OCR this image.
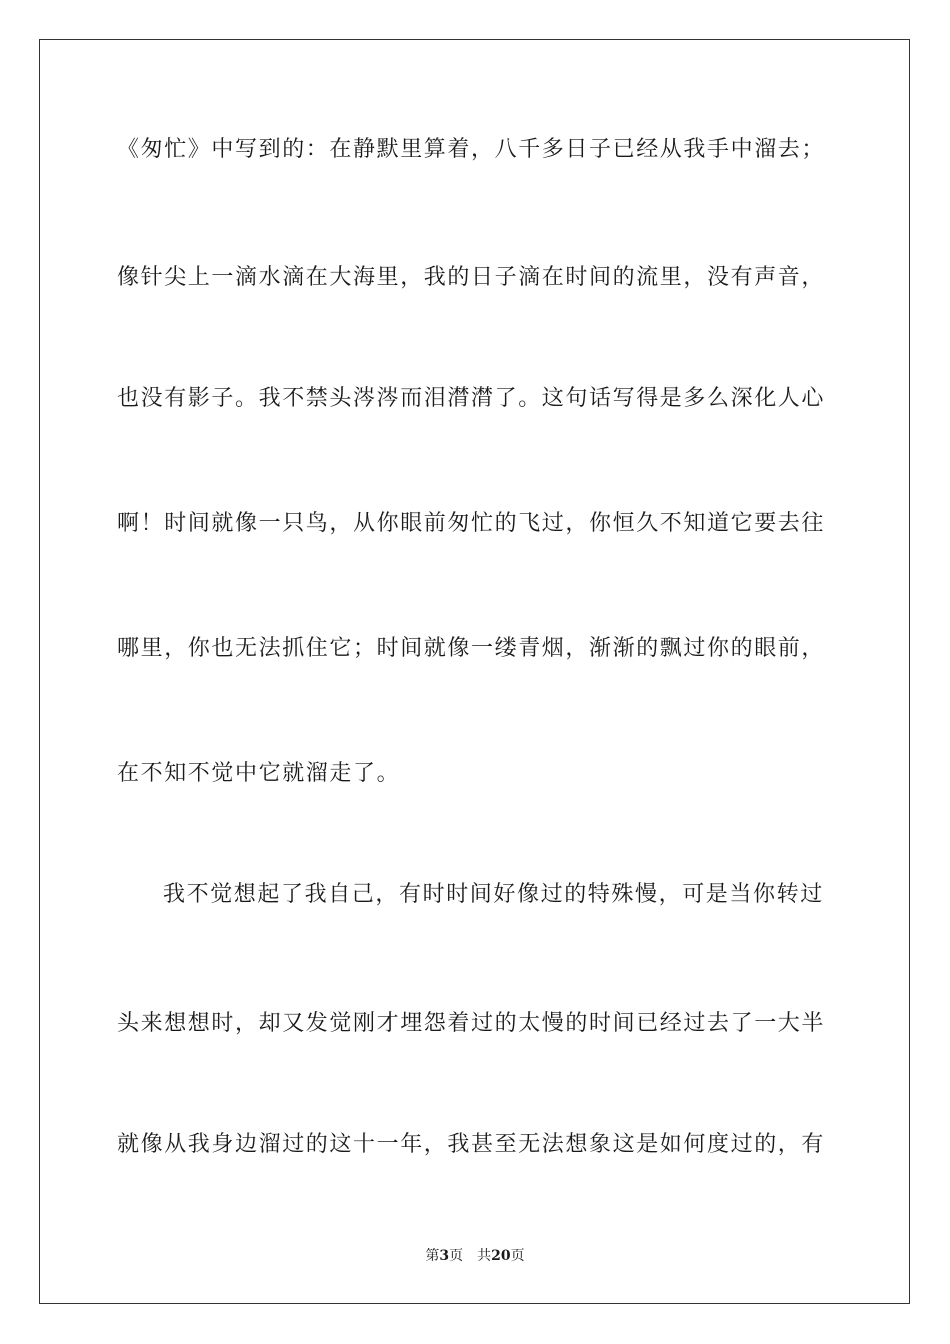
《匆忙》中写到的：在静默里算着，八千多日子已经从我手中溜去；
像针尖上一滴水滴在大海里，我的日子滴在时间的流里，没有声音，
也没有影子。我不禁头涔涔而泪潸潸了。这句话写得是多么深化人心
啊！时间就像一只鸟，从你眼前匆忙的飞过，你恒久不知道它要去往
哪里，你也无法抓住它；时间就像一缕青烟，渐渐的飘过你的眼前，
在不知不觉中它就溜走了。
我不觉想起了我自己，有时时间好像过的特殊慢，可是当你转过
头来想想时，却又发觉刚才埋怨着过的太慢的时间已经过去了一大半
就像从我身边溜过的这十一年，我甚至无法想象这是如何度过的，有
第3页 共20页
